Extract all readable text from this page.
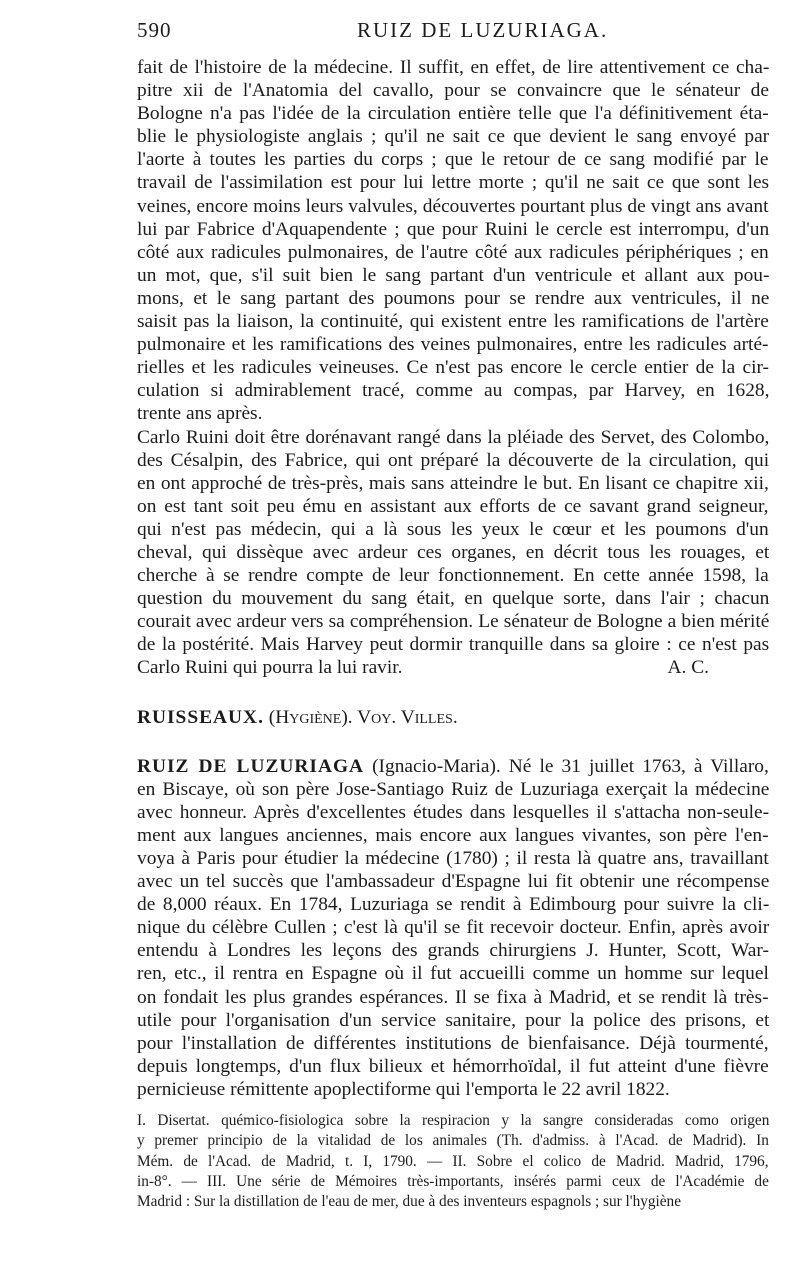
590	RUIZ DE LUZURIAGA.
fait de l'histoire de la médecine. Il suffit, en effet, de lire attentivement ce cha-
pitre xii de l'Anatomia del cavallo, pour se convaincre que le sénateur de
Bologne n'a pas l'idée de la circulation entière telle que l'a définitivement éta-
blie le physiologiste anglais ; qu'il ne sait ce que devient le sang envoyé par
l'aorte à toutes les parties du corps ; que le retour de ce sang modifié par le
travail de l'assimilation est pour lui lettre morte ; qu'il ne sait ce que sont les
veines, encore moins leurs valvules, découvertes pourtant plus de vingt ans avant
lui par Fabrice d'Aquapendente ; que pour Ruini le cercle est interrompu, d'un
côté aux radicules pulmonaires, de l'autre côté aux radicules périphériques ; en
un mot, que, s'il suit bien le sang partant d'un ventricule et allant aux pou-
mons, et le sang partant des poumons pour se rendre aux ventricules, il ne
saisit pas la liaison, la continuité, qui existent entre les ramifications de l'artère
pulmonaire et les ramifications des veines pulmonaires, entre les radicules arté-
rielles et les radicules veineuses. Ce n'est pas encore le cercle entier de la cir-
culation si admirablement tracé, comme au compas, par Harvey, en 1628,
trente ans après.
Carlo Ruini doit être dorénavant rangé dans la pléiade des Servet, des Colombo,
des Césalpin, des Fabrice, qui ont préparé la découverte de la circulation, qui
en ont approché de très-près, mais sans atteindre le but. En lisant ce chapitre xii,
on est tant soit peu ému en assistant aux efforts de ce savant grand seigneur,
qui n'est pas médecin, qui a là sous les yeux le cœur et les poumons d'un
cheval, qui dissèque avec ardeur ces organes, en décrit tous les rouages, et
cherche à se rendre compte de leur fonctionnement. En cette année 1598, la
question du mouvement du sang était, en quelque sorte, dans l'air ; chacun
courait avec ardeur vers sa compréhension. Le sénateur de Bologne a bien mérité
de la postérité. Mais Harvey peut dormir tranquille dans sa gloire : ce n'est pas
Carlo Ruini qui pourra la lui ravir.	A. C.
RUISSEAUX. (Hygiène). Voy. Villes.
RUIZ DE LUZURIAGA (Ignacio-Maria). Né le 31 juillet 1763, à Villaro,
en Biscaye, où son père Jose-Santiago Ruiz de Luzuriaga exerçait la médecine
avec honneur. Après d'excellentes études dans lesquelles il s'attacha non-seule-
ment aux langues anciennes, mais encore aux langues vivantes, son père l'en-
voya à Paris pour étudier la médecine (1780) ; il resta là quatre ans, travaillant
avec un tel succès que l'ambassadeur d'Espagne lui fit obtenir une récompense
de 8,000 réaux. En 1784, Luzuriaga se rendit à Edimbourg pour suivre la cli-
nique du célèbre Cullen ; c'est là qu'il se fit recevoir docteur. Enfin, après avoir
entendu à Londres les leçons des grands chirurgiens J. Hunter, Scott, War-
ren, etc., il rentra en Espagne où il fut accueilli comme un homme sur lequel
on fondait les plus grandes espérances. Il se fixa à Madrid, et se rendit là très-
utile pour l'organisation d'un service sanitaire, pour la police des prisons, et
pour l'installation de différentes institutions de bienfaisance. Déjà tourmenté,
depuis longtemps, d'un flux bilieux et hémorrhoïdal, il fut atteint d'une fièvre
pernicieuse rémittente apoplectiforme qui l'emporta le 22 avril 1822.
I. Disertat. quémico-fisiologica sobre la respiracion y la sangre consideradas como origen
y premer principio de la vitalidad de los animales (Th. d'admiss. à l'Acad. de Madrid). In
Mém. de l'Acad. de Madrid, t. I, 1790. — II. Sobre el colico de Madrid. Madrid, 1796,
in-8°. — III. Une série de Mémoires très-importants, insérés parmi ceux de l'Académie de
Madrid : Sur la distillation de l'eau de mer, due à des inventeurs espagnols ; sur l'hygiène
